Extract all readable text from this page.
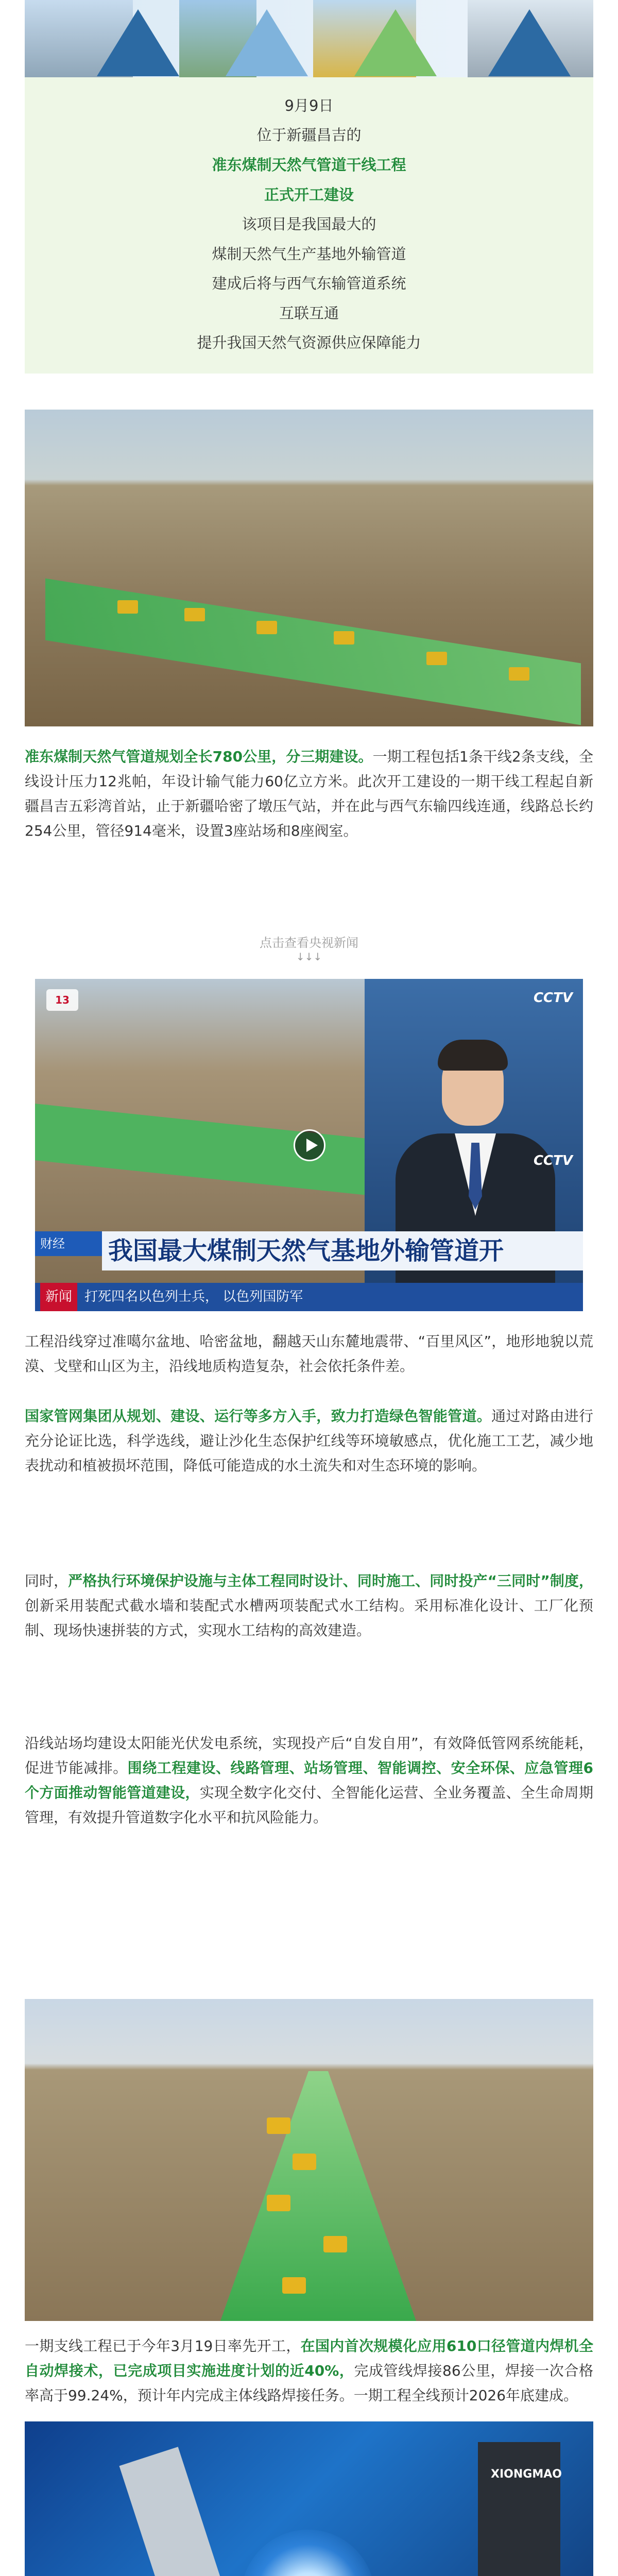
9月9日
位于新疆昌吉的
准东煤制天然气管道干线工程
正式开工建设
该项目是我国最大的
煤制天然气生产基地外输管道
建成后将与西气东输管道系统
互联互通
提升我国天然气资源供应保障能力
准东煤制天然气管道规划全长780公里，分三期建设。一期工程包括1条干线2条支线，全线设计压力12兆帕，年设计输气能力60亿立方米。此次开工建设的一期干线工程起自新疆昌吉五彩湾首站，止于新疆哈密了墩压气站，并在此与西气东输四线连通，线路总长约254公里，管径914毫米，设置3座站场和8座阀室。
点击查看央视新闻
↓↓↓
13	CCTV
CCTV
财经	我国最大煤制天然气基地外输管道开
新闻 打死四名以色列士兵， 以色列国防军
工程沿线穿过准噶尔盆地、哈密盆地，翻越天山东麓地震带、“百里风区”，地形地貌以荒漠、戈壁和山区为主，沿线地质构造复杂，社会依托条件差。
国家管网集团从规划、建设、运行等多方入手，致力打造绿色智能管道。通过对路由进行充分论证比选，科学选线，避让沙化生态保护红线等环境敏感点，优化施工工艺，减少地表扰动和植被损坏范围，降低可能造成的水土流失和对生态环境的影响。
同时，严格执行环境保护设施与主体工程同时设计、同时施工、同时投产“三同时”制度，创新采用装配式截水墙和装配式水槽两项装配式水工结构。采用标准化设计、工厂化预制、现场快速拼装的方式，实现水工结构的高效建造。
沿线站场均建设太阳能光伏发电系统，实现投产后“自发自用”，有效降低管网系统能耗，促进节能减排。围绕工程建设、线路管理、站场管理、智能调控、安全环保、应急管理6个方面推动智能管道建设，实现全数字化交付、全智能化运营、全业务覆盖、全生命周期管理，有效提升管道数字化水平和抗风险能力。
一期支线工程已于今年3月19日率先开工，在国内首次规模化应用610口径管道内焊机全自动焊接术，已完成项目实施进度计划的近40%，完成管线焊接86公里，焊接一次合格率高于99.24%，预计年内完成主体线路焊接任务。一期工程全线预计2026年底建成。
XIONGMAO
